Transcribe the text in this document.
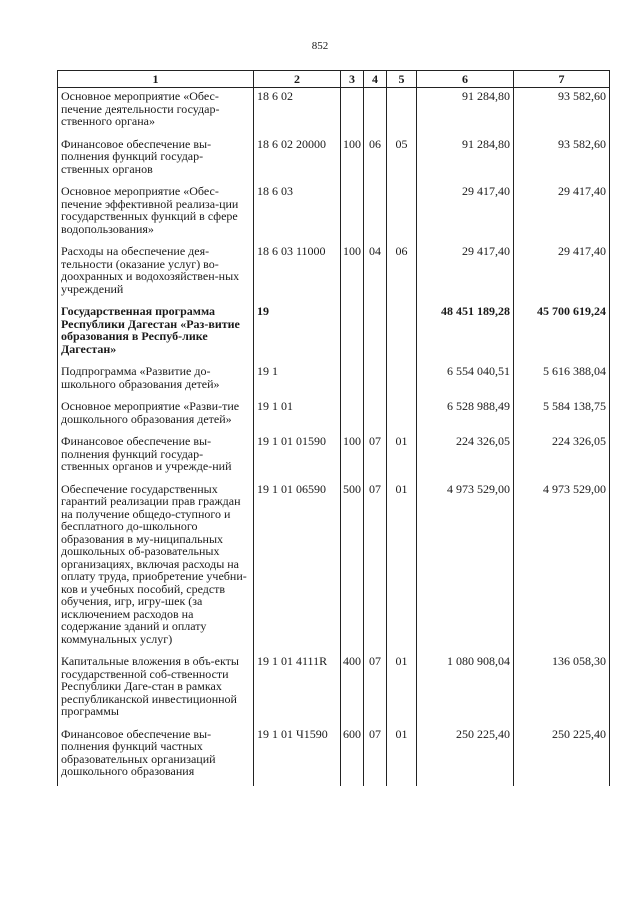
852
1	2	3	4	5	6	7
Основное мероприятие «Обес-печение деятельности государ-ственного органа»	18 6 02				91 284,80	93 582,60
Финансовое обеспечение вы-полнения функций государ-ственных органов	18 6 02 20000	100	06	05	91 284,80	93 582,60
Основное мероприятие «Обес-печение эффективной реализа-ции государственных функций в сфере водопользования»	18 6 03				29 417,40	29 417,40
Расходы на обеспечение дея-тельности (оказание услуг) во-доохранных и водохозяйствен-ных учреждений	18 6 03 11000	100	04	06	29 417,40	29 417,40
Государственная программа Республики Дагестан «Раз-витие образования в Респуб-лике Дагестан»	19				48 451 189,28	45 700 619,24
Подпрограмма «Развитие до-школьного образования детей»	19 1				6 554 040,51	5 616 388,04
Основное мероприятие «Разви-тие дошкольного образования детей»	19 1 01				6 528 988,49	5 584 138,75
Финансовое обеспечение вы-полнения функций государ-ственных органов и учрежде-ний	19 1 01 01590	100	07	01	224 326,05	224 326,05
Обеспечение государственных гарантий реализации прав граждан на получение общедо-ступного и бесплатного до-школьного образования в му-ниципальных дошкольных об-разовательных организациях, включая расходы на оплату труда, приобретение учебни-ков и учебных пособий, средств обучения, игр, игру-шек (за исключением расходов на содержание зданий и оплату коммунальных услуг)	19 1 01 06590	500	07	01	4 973 529,00	4 973 529,00
Капитальные вложения в объ-екты государственной соб-ственности Республики Даге-стан в рамках республиканской инвестиционной программы	19 1 01 4111R	400	07	01	1 080 908,04	136 058,30
Финансовое обеспечение вы-полнения функций частных образовательных организаций дошкольного образования	19 1 01 Ч1590	600	07	01	250 225,40	250 225,40
